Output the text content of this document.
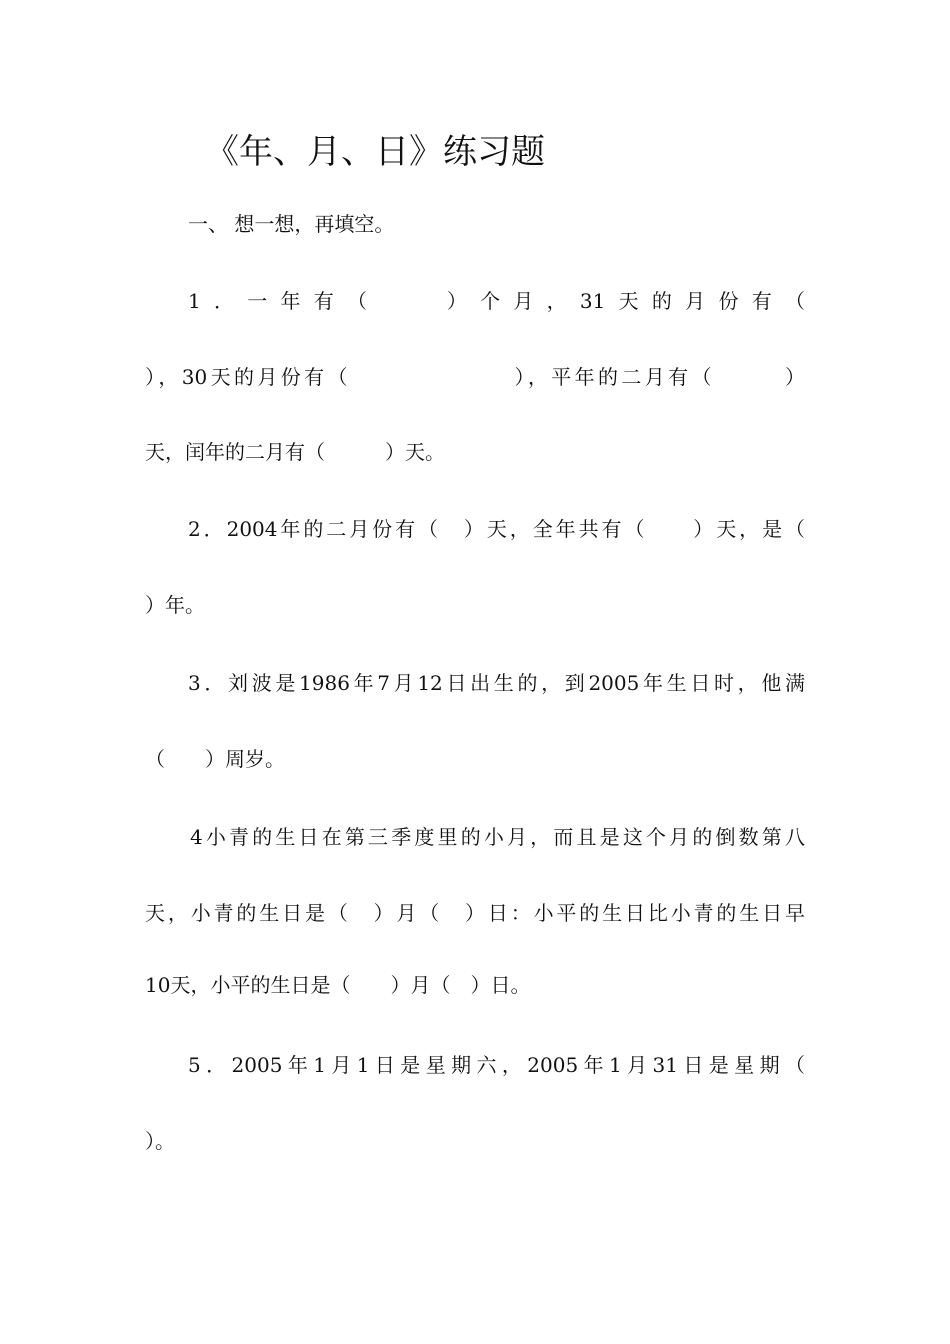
《年、月、日》练习题
一、 想一想，再填空。
1．一年有（　　）个月，31天的月份有（
），30天的月份有（　　　　　　　），平年的二月有（　　　）
天，闰年的二月有（　　　）天。
2．2004年的二月份有（　）天，全年共有（　　）天，是（
）年。
3．刘波是1986年7月12日出生的，到2005年生日时，他满
（　　）周岁。
4小青的生日在第三季度里的小月，而且是这个月的倒数第八
天，小青的生日是（　）月（　）日：小平的生日比小青的生日早
10天，小平的生日是（　　）月（　）日。
5．2005年1月1日是星期六，2005年1月31日是星期（
）。
